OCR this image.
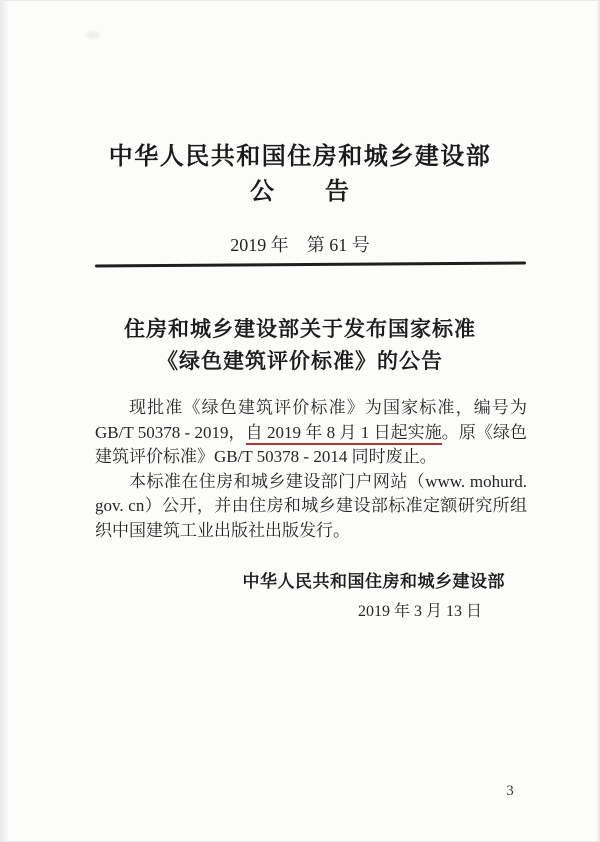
中华人民共和国住房和城乡建设部
公　　告
2019 年　第 61 号
住房和城乡建设部关于发布国家标准
《绿色建筑评价标准》的公告

现批准《绿色建筑评价标准》为国家标准，编号为 GB/T 50378 - 2019，自 2019 年 8 月 1 日起实施。原《绿色建筑评价标准》GB/T 50378 - 2014 同时废止。

本标准在住房和城乡建设部门户网站（www. mohurd. gov. cn）公开，并由住房和城乡建设部标准定额研究所组织中国建筑工业出版社出版发行。

中华人民共和国住房和城乡建设部
2019 年 3 月 13 日
3
